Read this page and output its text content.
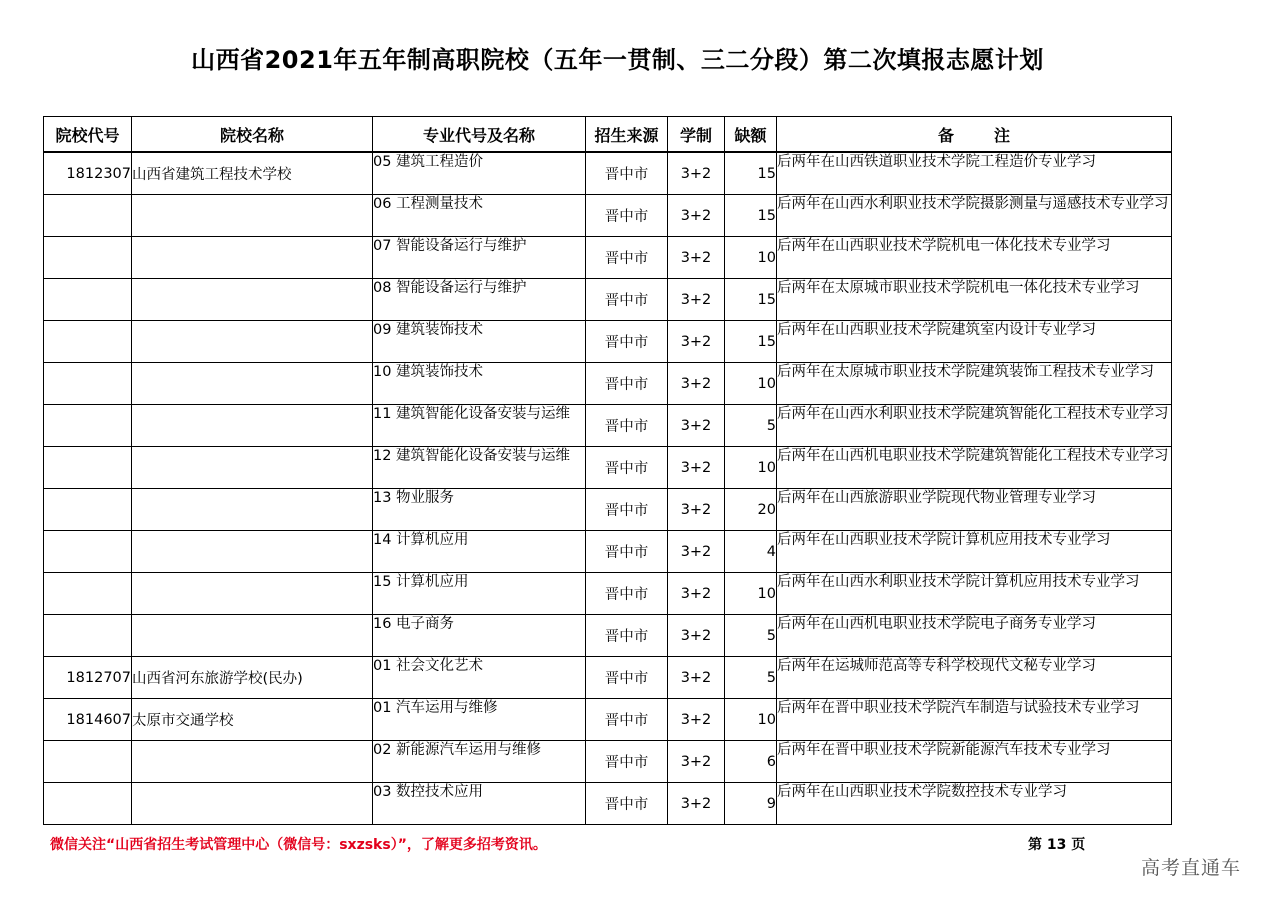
山西省2021年五年制高职院校（五年一贯制、三二分段）第二次填报志愿计划
院校代号	院校名称	专业代号及名称	招生来源	学制	缺额	备注
1812307	山西省建筑工程技术学校	05 建筑工程造价	晋中市	3+2	15	后两年在山西铁道职业技术学院工程造价专业学习
		06 工程测量技术	晋中市	3+2	15	后两年在山西水利职业技术学院摄影测量与遥感技术专业学习
		07 智能设备运行与维护	晋中市	3+2	10	后两年在山西职业技术学院机电一体化技术专业学习
		08 智能设备运行与维护	晋中市	3+2	15	后两年在太原城市职业技术学院机电一体化技术专业学习
		09 建筑装饰技术	晋中市	3+2	15	后两年在山西职业技术学院建筑室内设计专业学习
		10 建筑装饰技术	晋中市	3+2	10	后两年在太原城市职业技术学院建筑装饰工程技术专业学习
		11 建筑智能化设备安装与运维	晋中市	3+2	5	后两年在山西水利职业技术学院建筑智能化工程技术专业学习
		12 建筑智能化设备安装与运维	晋中市	3+2	10	后两年在山西机电职业技术学院建筑智能化工程技术专业学习
		13 物业服务	晋中市	3+2	20	后两年在山西旅游职业学院现代物业管理专业学习
		14 计算机应用	晋中市	3+2	4	后两年在山西职业技术学院计算机应用技术专业学习
		15 计算机应用	晋中市	3+2	10	后两年在山西水利职业技术学院计算机应用技术专业学习
		16 电子商务	晋中市	3+2	5	后两年在山西机电职业技术学院电子商务专业学习
1812707	山西省河东旅游学校(民办)	01 社会文化艺术	晋中市	3+2	5	后两年在运城师范高等专科学校现代文秘专业学习
1814607	太原市交通学校	01 汽车运用与维修	晋中市	3+2	10	后两年在晋中职业技术学院汽车制造与试验技术专业学习
		02 新能源汽车运用与维修	晋中市	3+2	6	后两年在晋中职业技术学院新能源汽车技术专业学习
		03 数控技术应用	晋中市	3+2	9	后两年在山西职业技术学院数控技术专业学习
微信关注“山西省招生考试管理中心（微信号：sxzsks）”，了解更多招考资讯。	第 13 页
高考直通车
